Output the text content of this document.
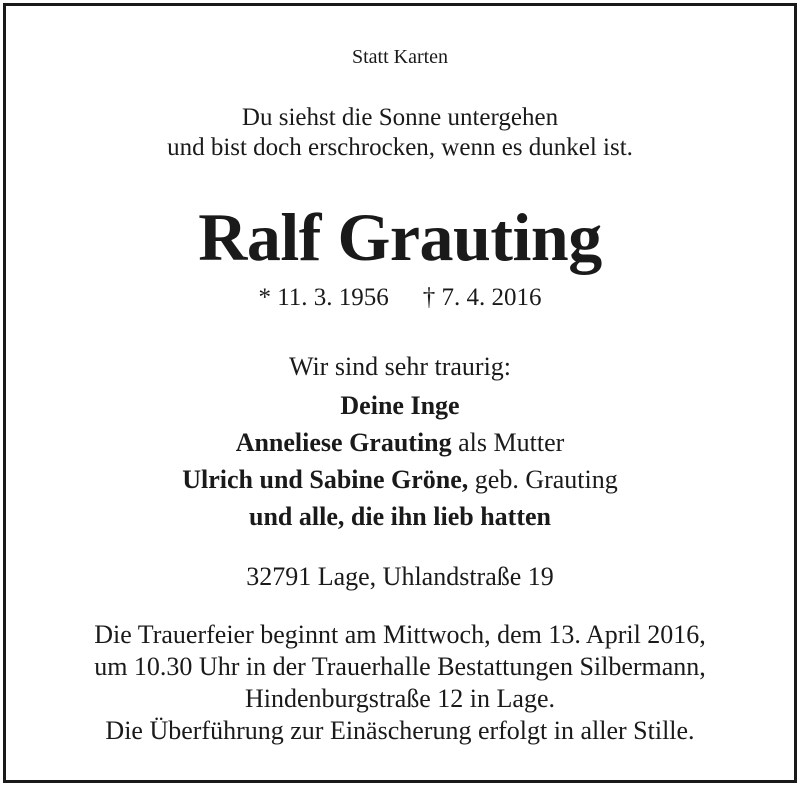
Statt Karten
Du siehst die Sonne untergehen
und bist doch erschrocken, wenn es dunkel ist.
Ralf Grauting
* 11. 3. 1956 † 7. 4. 2016
Wir sind sehr traurig:
Deine Inge
Anneliese Grauting als Mutter
Ulrich und Sabine Gröne, geb. Grauting
und alle, die ihn lieb hatten
32791 Lage, Uhlandstraße 19
Die Trauerfeier beginnt am Mittwoch, dem 13. April 2016,
um 10.30 Uhr in der Trauerhalle Bestattungen Silbermann,
Hindenburgstraße 12 in Lage.
Die Überführung zur Einäscherung erfolgt in aller Stille.
